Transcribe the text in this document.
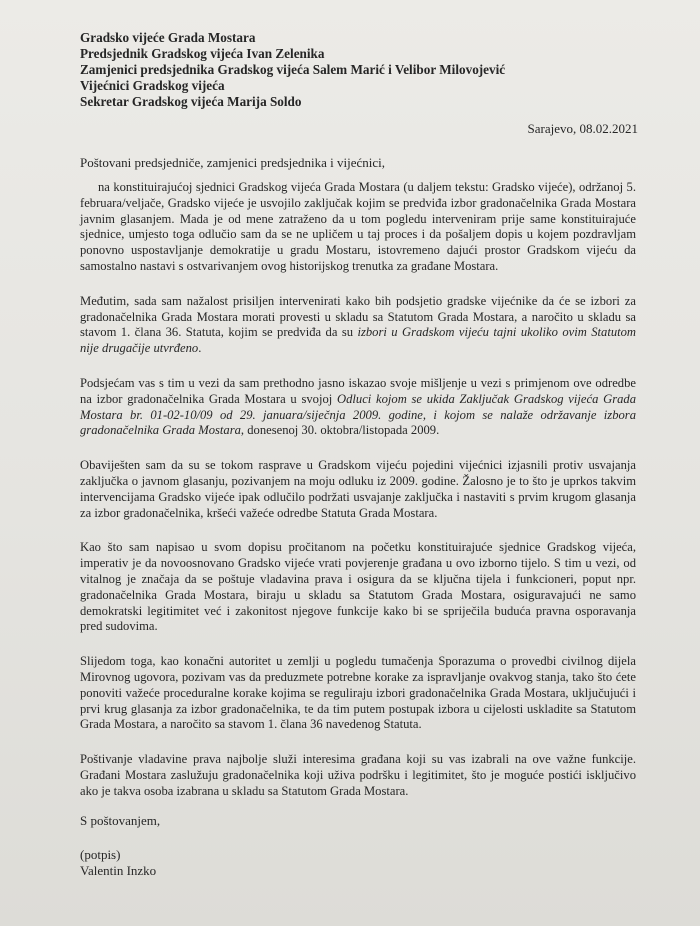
Gradsko vijeće Grada Mostara
Predsjednik Gradskog vijeća Ivan Zelenika
Zamjenici predsjednika Gradskog vijeća Salem Marić i Velibor Milovojević
Vijećnici Gradskog vijeća
Sekretar Gradskog vijeća Marija Soldo
Sarajevo, 08.02.2021
Poštovani predsjedniče, zamjenici predsjednika i vijećnici,

na konstituirajućoj sjednici Gradskog vijeća Grada Mostara (u daljem tekstu: Gradsko vijeće), održanoj 5. februara/veljače, Gradsko vijeće je usvojilo zaključak kojim se predviđa izbor gradonačelnika Grada Mostara javnim glasanjem. Mada je od mene zatraženo da u tom pogledu interveniram prije same konstituirajuće sjednice, umjesto toga odlučio sam da se ne upličem u taj proces i da pošaljem dopis u kojem pozdravljam ponovno uspostavljanje demokratije u gradu Mostaru, istovremeno dajući prostor Gradskom vijeću da samostalno nastavi s ostvarivanjem ovog historijskog trenutka za građane Mostara.

Međutim, sada sam nažalost prisiljen intervenirati kako bih podsjetio gradske vijećnike da će se izbori za gradonačelnika Grada Mostara morati provesti u skladu sa Statutom Grada Mostara, a naročito u skladu sa stavom 1. člana 36. Statuta, kojim se predviđa da su izbori u Gradskom vijeću tajni ukoliko ovim Statutom nije drugačije utvrđeno.

Podsjećam vas s tim u vezi da sam prethodno jasno iskazao svoje mišljenje u vezi s primjenom ove odredbe na izbor gradonačelnika Grada Mostara u svojoj Odluci kojom se ukida Zaključak Gradskog vijeća Grada Mostara br. 01-02-10/09 od 29. januara/siječnja 2009. godine, i kojom se nalaže održavanje izbora gradonačelnika Grada Mostara, donesenoj 30. oktobra/listopada 2009.

Obaviješten sam da su se tokom rasprave u Gradskom vijeću pojedini vijećnici izjasnili protiv usvajanja zaključka o javnom glasanju, pozivanjem na moju odluku iz 2009. godine. Žalosno je to što je uprkos takvim intervencijama Gradsko vijeće ipak odlučilo podržati usvajanje zaključka i nastaviti s prvim krugom glasanja za izbor gradonačelnika, kršeći važeće odredbe Statuta Grada Mostara.

Kao što sam napisao u svom dopisu pročitanom na početku konstituirajuće sjednice Gradskog vijeća, imperativ je da novoosnovano Gradsko vijeće vrati povjerenje građana u ovo izborno tijelo. S tim u vezi, od vitalnog je značaja da se poštuje vladavina prava i osigura da se ključna tijela i funkcioneri, poput npr. gradonačelnika Grada Mostara, biraju u skladu sa Statutom Grada Mostara, osiguravajući ne samo demokratski legitimitet već i zakonitost njegove funkcije kako bi se spriječila buduća pravna osporavanja pred sudovima.

Slijedom toga, kao konačni autoritet u zemlji u pogledu tumačenja Sporazuma o provedbi civilnog dijela Mirovnog ugovora, pozivam vas da preduzmete potrebne korake za ispravljanje ovakvog stanja, tako što ćete ponoviti važeće proceduralne korake kojima se reguliraju izbori gradonačelnika Grada Mostara, uključujući i prvi krug glasanja za izbor gradonačelnika, te da tim putem postupak izbora u cijelosti uskladite sa Statutom Grada Mostara, a naročito sa stavom 1. člana 36 navedenog Statuta.

Poštivanje vladavine prava najbolje služi interesima građana koji su vas izabrali na ove važne funkcije. Građani Mostara zaslužuju gradonačelnika koji uživa podršku i legitimitet, što je moguće postići isključivo ako je takva osoba izabrana u skladu sa Statutom Grada Mostara.

S poštovanjem,
(potpis)
Valentin Inzko
